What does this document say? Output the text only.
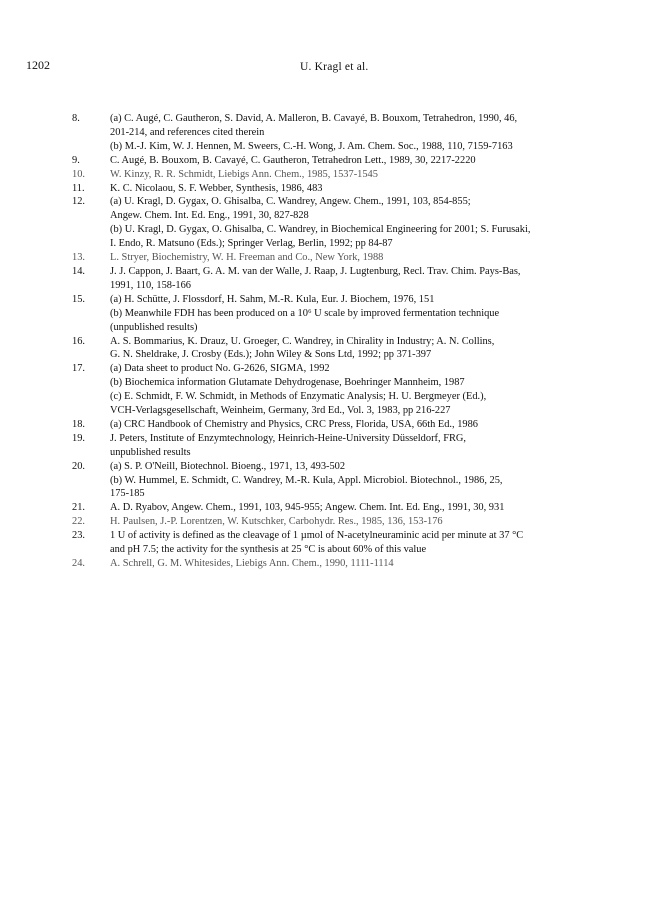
1202	U. Kragl et al.
8.	(a) C. Augé, C. Gautheron, S. David, A. Malleron, B. Cavayé, B. Bouxom, Tetrahedron, 1990, 46,
201-214, and references cited therein
(b) M.-J. Kim, W. J. Hennen, M. Sweers, C.-H. Wong, J. Am. Chem. Soc., 1988, 110, 7159-7163
9.	C. Augé, B. Bouxom, B. Cavayé, C. Gautheron, Tetrahedron Lett., 1989, 30, 2217-2220
10.	W. Kinzy, R. R. Schmidt, Liebigs Ann. Chem., 1985, 1537-1545
11.	K. C. Nicolaou, S. F. Webber, Synthesis, 1986, 483
12.	(a) U. Kragl, D. Gygax, O. Ghisalba, C. Wandrey, Angew. Chem., 1991, 103, 854-855;
Angew. Chem. Int. Ed. Eng., 1991, 30, 827-828
(b) U. Kragl, D. Gygax, O. Ghisalba, C. Wandrey, in Biochemical Engineering for 2001; S. Furusaki,
I. Endo, R. Matsuno (Eds.); Springer Verlag, Berlin, 1992; pp 84-87
13.	L. Stryer, Biochemistry, W. H. Freeman and Co., New York, 1988
14.	J. J. Cappon, J. Baart, G. A. M. van der Walle, J. Raap, J. Lugtenburg, Recl. Trav. Chim. Pays-Bas,
1991, 110, 158-166
15.	(a) H. Schütte, J. Flossdorf, H. Sahm, M.-R. Kula, Eur. J. Biochem, 1976, 151
(b) Meanwhile FDH has been produced on a 10⁶ U scale by improved fermentation technique
(unpublished results)
16.	A. S. Bommarius, K. Drauz, U. Groeger, C. Wandrey, in Chirality in Industry; A. N. Collins,
G. N. Sheldrake, J. Crosby (Eds.); John Wiley & Sons Ltd, 1992; pp 371-397
17.	(a) Data sheet to product No. G-2626, SIGMA, 1992
(b) Biochemica information Glutamate Dehydrogenase, Boehringer Mannheim, 1987
(c) E. Schmidt, F. W. Schmidt, in Methods of Enzymatic Analysis; H. U. Bergmeyer (Ed.),
VCH-Verlagsgesellschaft, Weinheim, Germany, 3rd Ed., Vol. 3, 1983, pp 216-227
18.	(a) CRC Handbook of Chemistry and Physics, CRC Press, Florida, USA, 66th Ed., 1986
19.	J. Peters, Institute of Enzymtechnology, Heinrich-Heine-University Düsseldorf, FRG,
unpublished results
20.	(a) S. P. O'Neill, Biotechnol. Bioeng., 1971, 13, 493-502
(b) W. Hummel, E. Schmidt, C. Wandrey, M.-R. Kula, Appl. Microbiol. Biotechnol., 1986, 25,
175-185
21.	A. D. Ryabov, Angew. Chem., 1991, 103, 945-955; Angew. Chem. Int. Ed. Eng., 1991, 30, 931
22.	H. Paulsen, J.-P. Lorentzen, W. Kutschker, Carbohydr. Res., 1985, 136, 153-176
23.	1 U of activity is defined as the cleavage of 1 µmol of N-acetylneuraminic acid per minute at 37 °C
and pH 7.5; the activity for the synthesis at 25 °C is about 60% of this value
24.	A. Schrell, G. M. Whitesides, Liebigs Ann. Chem., 1990, 1111-1114
